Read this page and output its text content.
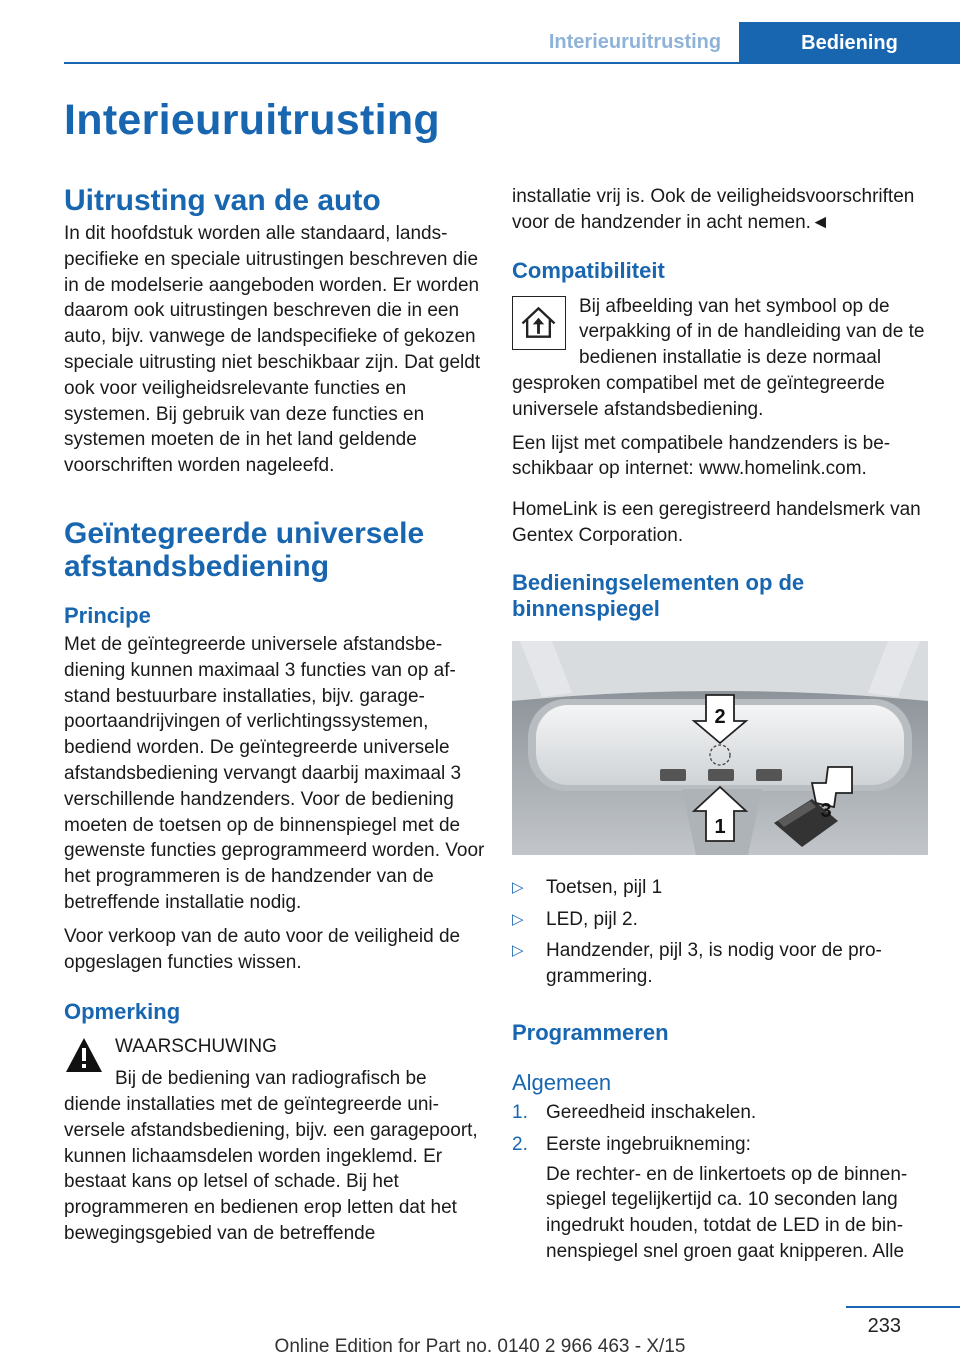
Interieuruitrusting	Bediening
Interieuruitrusting
Uitrusting van de auto

In dit hoofdstuk worden alle standaard, landspecifieke en speciale uitrustingen beschreven die in de modelserie aangeboden worden. Er worden daarom ook uitrustingen beschreven die in een auto, bijv. vanwege de landspecifieke of gekozen speciale uitrusting niet beschikbaar zijn. Dat geldt ook voor veiligheidsrelevante functies en systemen. Bij gebruik van deze functies en systemen moeten de in het land geldende voorschriften worden nageleefd.

Geïntegreerde universele afstandsbediening
Principe

Met de geïntegreerde universele afstandsbediening kunnen maximaal 3 functies van op afstand bestuurbare installaties, bijv. garagepoortaandrijvingen of verlichtingssystemen, bediend worden. De geïntegreerde universele afstandsbediening vervangt daarbij maximaal 3 verschillende handzenders. Voor de bediening moeten de toetsen op de binnenspiegel met de gewenste functies geprogrammeerd worden. Voor het programmeren is de handzender van de betreffende installatie nodig.

Voor verkoop van de auto voor de veiligheid de opgeslagen functies wissen.

Opmerking

WAARSCHUWING

Bij de bediening van radiografisch be

diende installaties met de geïntegreerde universele afstandsbediening, bijv. een garagepoort, kunnen lichaamsdelen worden ingeklemd. Er bestaat kans op letsel of schade. Bij het programmeren en bedienen erop letten dat het bewegingsgebied van de betreffende

installatie vrij is. Ook de veiligheidsvoorschriften voor de handzender in acht nemen.◄

Compatibiliteit

Bij afbeelding van het symbool op de verpakking of in de handleiding van de te bedienen installatie is deze normaal

gesproken compatibel met de geïntegreerde universele afstandsbediening.

Een lijst met compatibele handzenders is beschikbaar op internet: www.homelink.com.

HomeLink is een geregistreerd handelsmerk van Gentex Corporation.

Bedieningselementen op de binnenspiegel
2
1
3
▷ Toetsen, pijl 1
▷ LED, pijl 2.
▷ Handzender, pijl 3, is nodig voor de programmering.
Programmeren
Algemeen
1. Gereedheid inschakelen.
2. Eerste ingebruikneming:

De rechter- en de linkertoets op de binnenspiegel tegelijkertijd ca. 10 seconden lang ingedrukt houden, totdat de LED in de binnenspiegel snel groen gaat knipperen. Alle

233
Online Edition for Part no. 0140 2 966 463 - X/15
